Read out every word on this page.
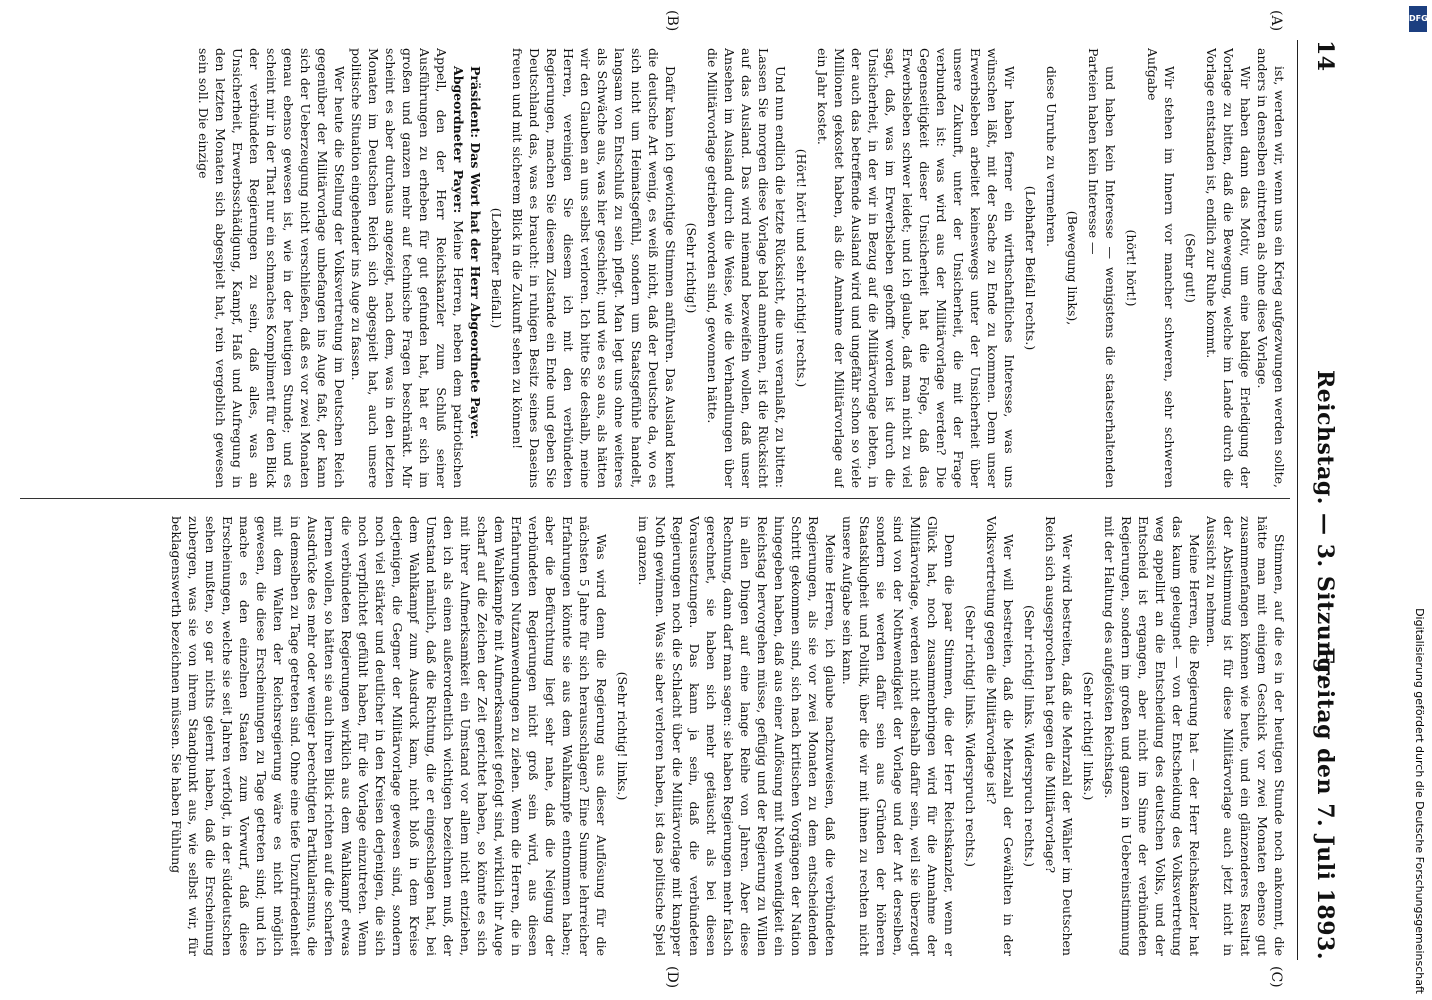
14
Reichstag. — 3. Sitzung.
Freitag den 7. Juli 1893.
(A)
(B)
(C)
(D)

ist, werden wir, wenn uns ein Krieg aufgezwungen werden sollte, anders in denselben eintreten als ohne diese Vorlage.

Wir haben dann das Motiv, um eine baldige Erledigung der Vorlage zu bitten, daß die Bewegung, welche im Lande durch die Vorlage entstanden ist, endlich zur Ruhe kommt.

(Sehr gut!)

Wir stehen im Innern vor mancher schweren, sehr schweren Aufgabe

(hört! hört!)

und haben kein Interesse — wenigstens die staatserhaltenden Parteien haben kein Interesse —

(Bewegung links),

diese Unruhe zu vermehren.

(Lebhafter Beifall rechts.)

Wir haben ferner ein wirthschaftliches Interesse, was uns wünschen läßt, mit der Sache zu Ende zu kommen. Denn unser Erwerbsleben arbeitet keineswegs unter der Unsicherheit über unsere Zukunft, unter der Unsicherheit, die mit der Frage verbunden ist: was wird aus der Militärvorlage werden? Die Gegenseitigkeit dieser Unsicherheit hat die Folge, daß das Erwerbsleben schwer leidet; und ich glaube, daß man nicht zu viel sagt, daß, was im Erwerbsleben gehofft worden ist durch die Unsicherheit, in der wir in Bezug auf die Militärvorlage lebten, in der auch das betreffende Ausland wird und ungefähr schon so viele Millionen gekostet haben, als die Annahme der Militärvorlage auf ein Jahr kostet.

(Hört! hört! und sehr richtig! rechts.)

Und nun endlich die letzte Rücksicht, die uns veranlaßt, zu bitten: Lassen Sie morgen diese Vorlage bald annehmen, ist die Rücksicht auf das Ausland. Das wird niemand bezweifeln wollen, daß unser Ansehen im Ausland durch die Weise, wie die Verhandlungen über die Militärvorlage getrieben worden sind, gewonnen hätte.

(Sehr richtig!)

Dafür kann ich gewichtige Stimmen anführen. Das Ausland kennt die deutsche Art wenig, es weiß nicht, daß der Deutsche da, wo es sich nicht um Heimatsgefühl, sondern um Staatsgefühle handelt, langsam von Entschluß zu sein pflegt. Man legt uns ohne weiteres als Schwäche aus, was hier geschieht; und wie es so aus, als hätten wir den Glauben an uns selbst verloren. Ich bitte Sie deshalb, meine Herren, vereinigen Sie diesem ich mit den verbündeten Regierungen, machen Sie diesem Zustande ein Ende und geben Sie Deutschland das, was es braucht: in ruhigen Besitz seines Daseins freuen und mit sicherem Blick in die Zukunft sehen zu können!

(Lebhafter Beifall.)

Präsident: Das Wort hat der Herr Abgeordnete Payer.

Abgeordneter Payer: Meine Herren, neben dem patriotischen Appell, den der Herr Reichskanzler zum Schluß seiner Ausführungen zu erheben für gut gefunden hat, hat er sich im großen und ganzen mehr auf technische Fragen beschränkt. Mir scheint es aber durchaus angezeigt, nach dem, was in den letzten Monaten im Deutschen Reich sich abgespielt hat, auch unsere politische Situation eingehender ins Auge zu fassen.

Wer heute die Stellung der Volksvertretung im Deutschen Reich gegenüber der Militärvorlage unbefangen ins Auge faßt, der kann sich der Ueberzeugung nicht verschließen, daß es vor zwei Monaten genau ebenso gewesen ist, wie in der heutigen Stunde; und es scheint mir in der That nur ein schmaches Kompliment für den Blick der verbündeten Regierungen zu sein, daß alles, was an Unsicherheit, Erwerbsschädigung, Kampf, Haß und Aufregung in den letzten Monaten sich abgespielt hat, rein vergeblich gewesen sein soll. Die einzige

Stimmen, auf die es in der heutigen Stunde noch ankommt, die hätte man mit einigem Geschick vor zwei Monaten ebenso gut zusammenfangen können wie heute, und ein glänzenderes Resultat der Abstimmung ist für diese Militärvorlage auch jetzt nicht in Aussicht zu nehmen.

Meine Herren, die Regierung hat — der Herr Reichskanzler hat das kaum geleugnet — von der Entscheidung des Volksvertretung weg appellirt an die Entscheidung des deutschen Volks, und der Entscheid ist ergangen, aber nicht im Sinne der verbündeten Regierungen, sondern im großen und ganzen in Uebereinstimmung mit der Haltung des aufgelösten Reichstags.

(Sehr richtig! links.)

Wer wird bestreiten, daß die Mehrzahl der Wähler im Deutschen Reich sich ausgesprochen hat gegen die Militärvorlage?

(Sehr richtig! links. Widerspruch rechts.)

Wer will bestreiten, daß die Mehrzahl der Gewählten in der Volksvertretung gegen die Militärvorlage ist?

(Sehr richtig! links. Widerspruch rechts.)

Denn die paar Stimmen, die der Herr Reichskanzler, wenn er Glück hat, noch zusammenbringen wird für die Annahme der Militärvorlage, werden nicht deshalb dafür sein, weil sie überzeugt sind von der Nothwendigkeit der Vorlage und der Art derselben, sondern sie werden dafür sein aus Gründen der höheren Staatsklugheit und Politik, über die wir mit ihnen zu rechten nicht unsere Aufgabe sein kann.

Meine Herren, ich glaube nachzuweisen, daß die verbündeten Regierungen, als sie vor zwei Monaten zu dem entscheidenden Schritt gekommen sind, sich nach kritischen Vorgängen der Nation hingegeben haben, daß aus einer Auflösung mit Noth wendigkeit ein Reichstag hervorgehen müsse, gefügig und der Regierung zu Willen in allen Dingen auf eine lange Reihe von Jahren. Aber diese Rechnung, dann darf man sagen: sie haben Regierungen mehr falsch gerechnet, sie haben sich mehr getäuscht als bei diesen Voraussetzungen. Das kann ja sein, daß die verbündeten Regierungen noch die Schlacht über die Militärvorlage mit knapper Noth gewinnen. Was sie aber verloren haben, ist das politische Spiel im ganzen.

(Sehr richtig! links.)

Was wird denn die Regierung aus dieser Auflösung für die nächsten 5 Jahre für sich herausschlagen? Eine Summe lehrreicher Erfahrungen könnte sie aus dem Wahlkampfe entnommen haben; aber die Befürchtung liegt sehr nahe, daß die Neigung der verbündeten Regierungen nicht groß sein wird, aus diesen Erfahrungen Nutzanwendungen zu ziehen. Wenn die Herren, die in dem Wahlkampfe mit Aufmerksamkeit gefolgt sind, wirklich ihr Auge scharf auf die Zeichen der Zeit gerichtet haben, so könnte es sich mit ihrer Aufmerksamkeit ein Umstand vor allem nicht entziehen, den ich als einen außerordentlich wichtigen bezeichnen muß, der Umstand nämlich, daß die Richtung, die er eingeschlagen hat, bei dem Wahlkampf zum Ausdruck kam, nicht bloß in dem Kreise derjenigen, die Gegner der Militärvorlage gewesen sind, sondern noch viel stärker und deutlicher in den Kreisen derjenigen, die sich noch verpflichtet gefühlt haben, für die Vorlage einzutreten. Wenn die verbündeten Regierungen wirklich aus dem Wahlkampf etwas lernen wollen, so hätten sie auch ihren Blick richten auf die scharfen Ausdrücke des mehr oder weniger berechtigten Partikularismus, die in demselben zu Tage getreten sind. Ohne eine tiefe Unzufriedenheit mit dem Walten der Reichsregierung wäre es nicht möglich gewesen, die diese Erscheinungen zu Tage getreten sind; und ich mache es den einzelnen Staaten zum Vorwurf, daß diese Erscheinungen, welche sie seit Jahren verfolgt, in der süddeutschen sehen mußten, so gar nichts gelernt haben, daß die Erscheinung zubergen, was sie von ihrem Standpunkt aus, wie selbst wir, für beklagenswerth bezeichnen müssen. Sie haben Fühlung	Digitalisierung gefördert durch die Deutsche Forschungsgemeinschaft
DFG
